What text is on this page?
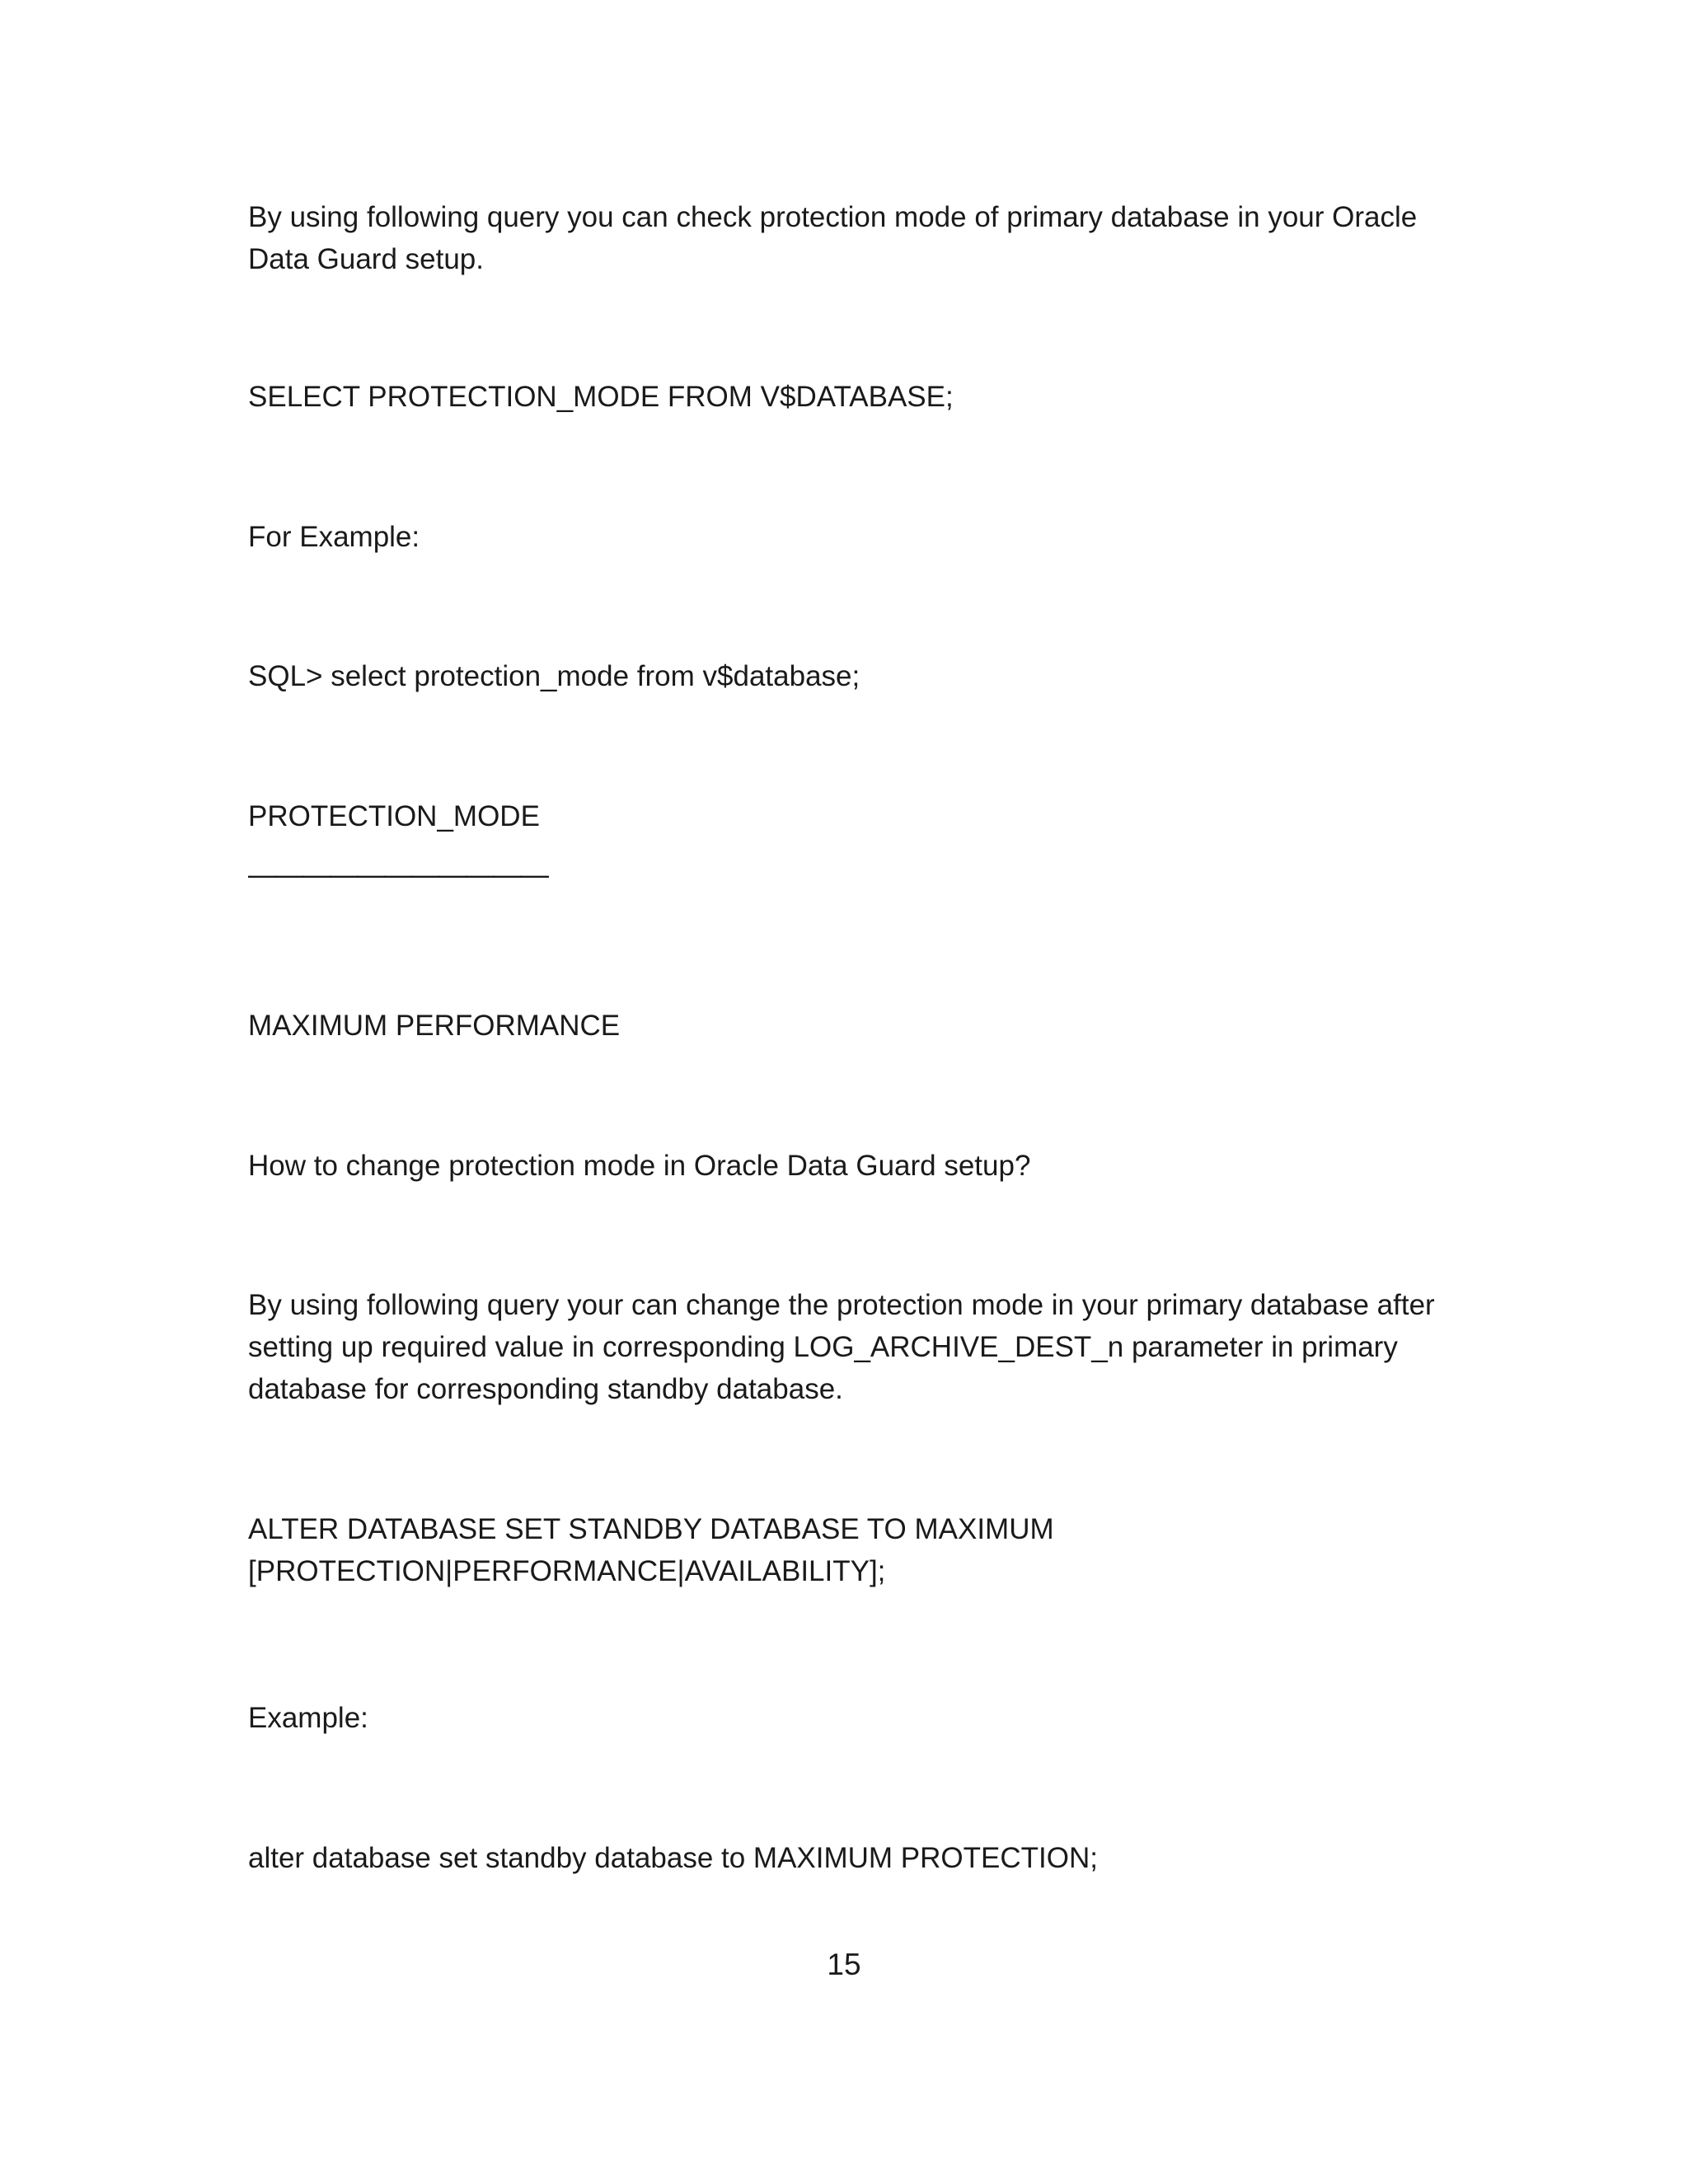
By using following query you can check protection mode of primary database in your Oracle
Data Guard setup.

SELECT PROTECTION_MODE FROM V$DATABASE;

For Example:

SQL> select protection_mode from v$database;

PROTECTION_MODE

———————————

MAXIMUM PERFORMANCE

How to change protection mode in Oracle Data Guard setup?

By using following query your can change the protection mode in your primary database after
setting up required value in corresponding LOG_ARCHIVE_DEST_n parameter in primary
database for corresponding standby database.

ALTER DATABASE SET STANDBY DATABASE TO MAXIMUM
[PROTECTION|PERFORMANCE|AVAILABILITY];

Example:

alter database set standby database to MAXIMUM PROTECTION;

15
